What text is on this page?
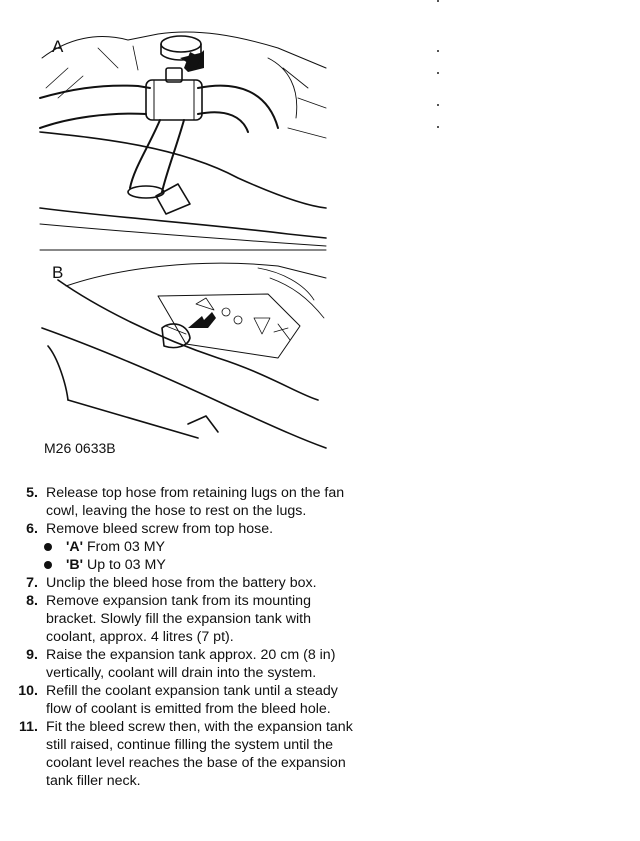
A
B
M26 0633B
5. Release top hose from retaining lugs on the fan cowl, leaving the hose to rest on the lugs.
6. Remove bleed screw from top hose.
'A' From 03 MY
'B' Up to 03 MY
7. Unclip the bleed hose from the battery box.
8. Remove expansion tank from its mounting bracket. Slowly fill the expansion tank with coolant, approx. 4 litres (7 pt).
9. Raise the expansion tank approx. 20 cm (8 in) vertically, coolant will drain into the system.
10. Refill the coolant expansion tank until a steady flow of coolant is emitted from the bleed hole.
11. Fit the bleed screw then, with the expansion tank still raised, continue filling the system until the coolant level reaches the base of the expansion tank filler neck.
